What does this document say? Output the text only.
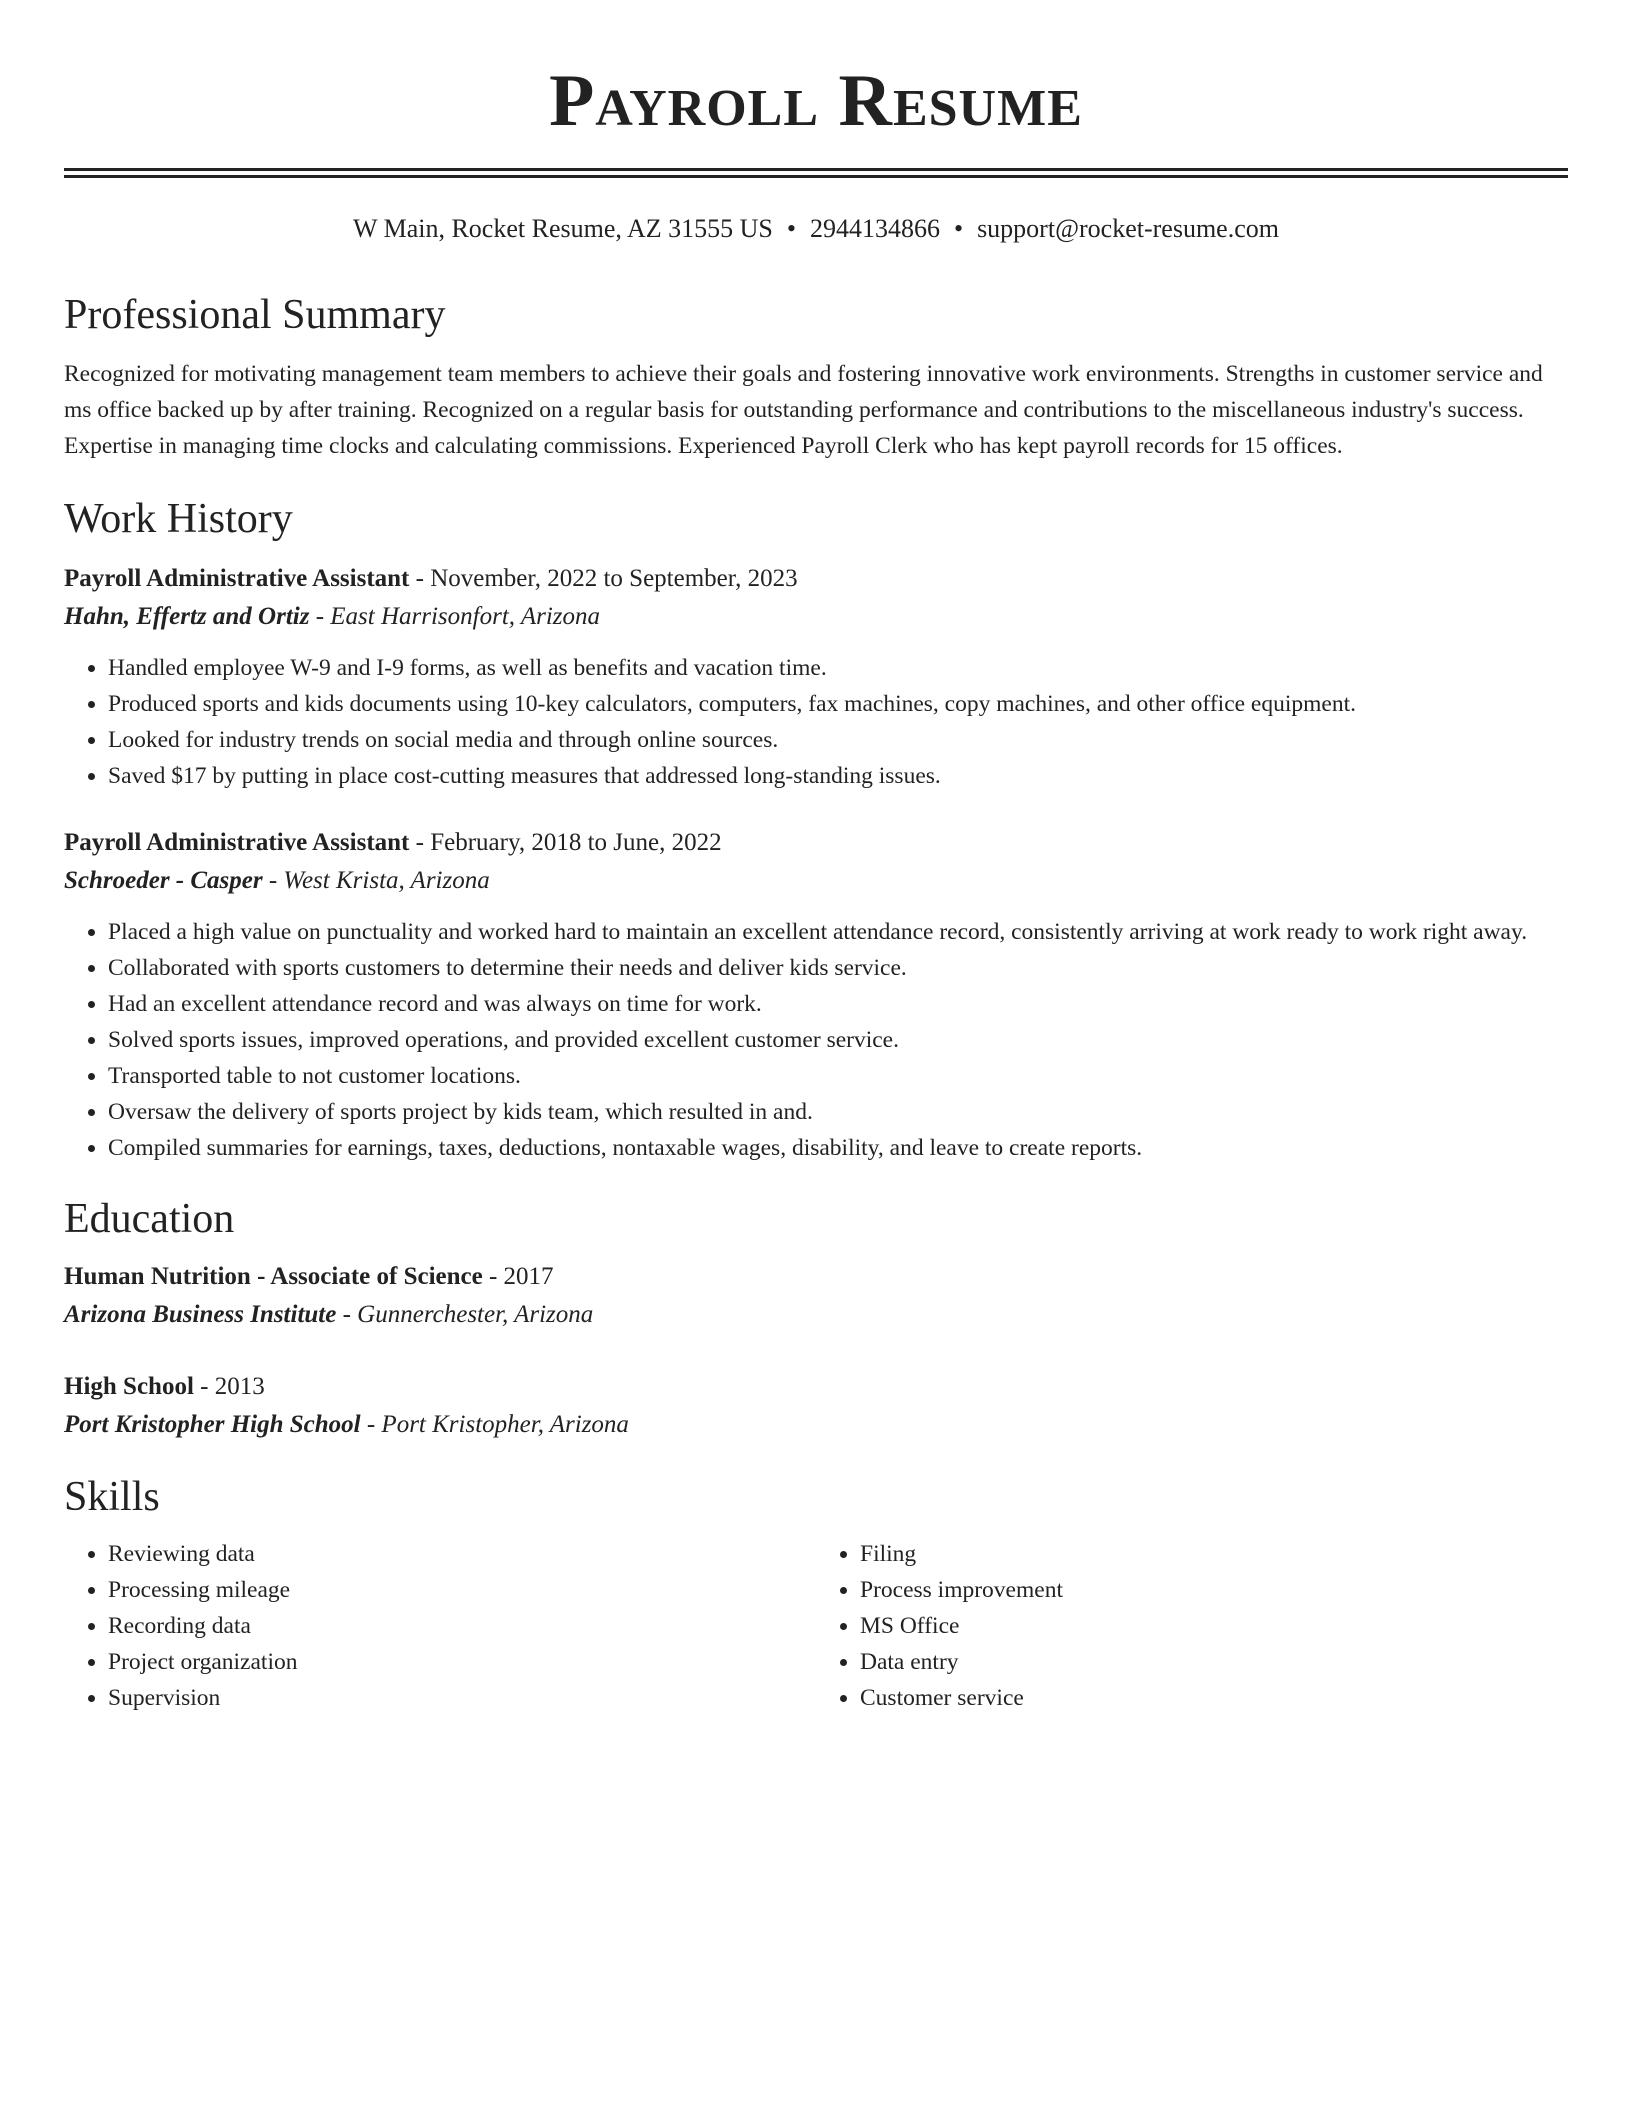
Payroll Resume
W Main, Rocket Resume, AZ 31555 US • 2944134866 • support@rocket-resume.com
Professional Summary

Recognized for motivating management team members to achieve their goals and fostering innovative work environments. Strengths in customer service and ms office backed up by after training. Recognized on a regular basis for outstanding performance and contributions to the miscellaneous industry's success. Expertise in managing time clocks and calculating commissions. Experienced Payroll Clerk who has kept payroll records for 15 offices.

Work History
Payroll Administrative Assistant - November, 2022 to September, 2023
Hahn, Effertz and Ortiz - East Harrisonfort, Arizona
• Handled employee W-9 and I-9 forms, as well as benefits and vacation time.
• Produced sports and kids documents using 10-key calculators, computers, fax machines, copy machines, and other office equipment.
• Looked for industry trends on social media and through online sources.
• Saved $17 by putting in place cost-cutting measures that addressed long-standing issues.
Payroll Administrative Assistant - February, 2018 to June, 2022
Schroeder - Casper - West Krista, Arizona
• Placed a high value on punctuality and worked hard to maintain an excellent attendance record, consistently arriving at work ready to work right away.
• Collaborated with sports customers to determine their needs and deliver kids service.
• Had an excellent attendance record and was always on time for work.
• Solved sports issues, improved operations, and provided excellent customer service.
• Transported table to not customer locations.
• Oversaw the delivery of sports project by kids team, which resulted in and.
• Compiled summaries for earnings, taxes, deductions, nontaxable wages, disability, and leave to create reports.
Education
Human Nutrition - Associate of Science - 2017
Arizona Business Institute - Gunnerchester, Arizona
High School - 2013
Port Kristopher High School - Port Kristopher, Arizona
Skills
• Reviewing data
• Processing mileage
• Recording data
• Project organization
• Supervision
• Filing
• Process improvement
• MS Office
• Data entry
• Customer service
